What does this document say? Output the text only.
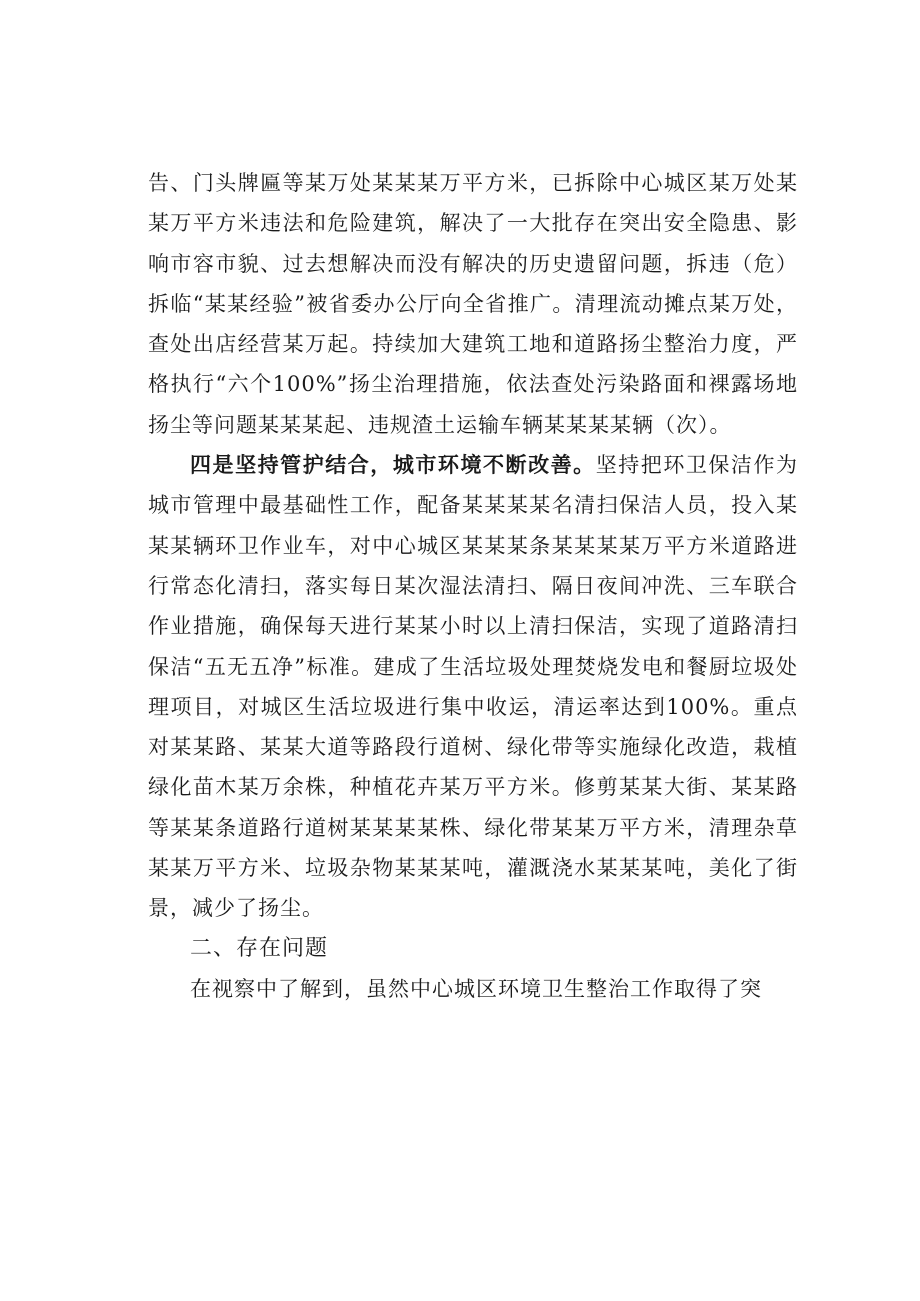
告、门头牌匾等某万处某某某万平方米，已拆除中心城区某万处某某万平方米违法和危险建筑，解决了一大批存在突出安全隐患、影响市容市貌、过去想解决而没有解决的历史遗留问题，拆违（危）拆临“某某经验”被省委办公厅向全省推广。清理流动摊点某万处，查处出店经营某万起。持续加大建筑工地和道路扬尘整治力度，严格执行“六个100%”扬尘治理措施，依法查处污染路面和裸露场地扬尘等问题某某某起、违规渣土运输车辆某某某某辆（次）。

四是坚持管护结合，城市环境不断改善。坚持把环卫保洁作为城市管理中最基础性工作，配备某某某某名清扫保洁人员，投入某某某辆环卫作业车，对中心城区某某某条某某某某万平方米道路进行常态化清扫，落实每日某次湿法清扫、隔日夜间冲洗、三车联合作业措施，确保每天进行某某小时以上清扫保洁，实现了道路清扫保洁“五无五净”标准。建成了生活垃圾处理焚烧发电和餐厨垃圾处理项目，对城区生活垃圾进行集中收运，清运率达到100%。重点对某某路、某某大道等路段行道树、绿化带等实施绿化改造，栽植绿化苗木某万余株，种植花卉某万平方米。修剪某某大街、某某路等某某条道路行道树某某某某株、绿化带某某万平方米，清理杂草某某万平方米、垃圾杂物某某某吨，灌溉浇水某某某吨，美化了街景，减少了扬尘。

二、存在问题

在视察中了解到，虽然中心城区环境卫生整治工作取得了突
